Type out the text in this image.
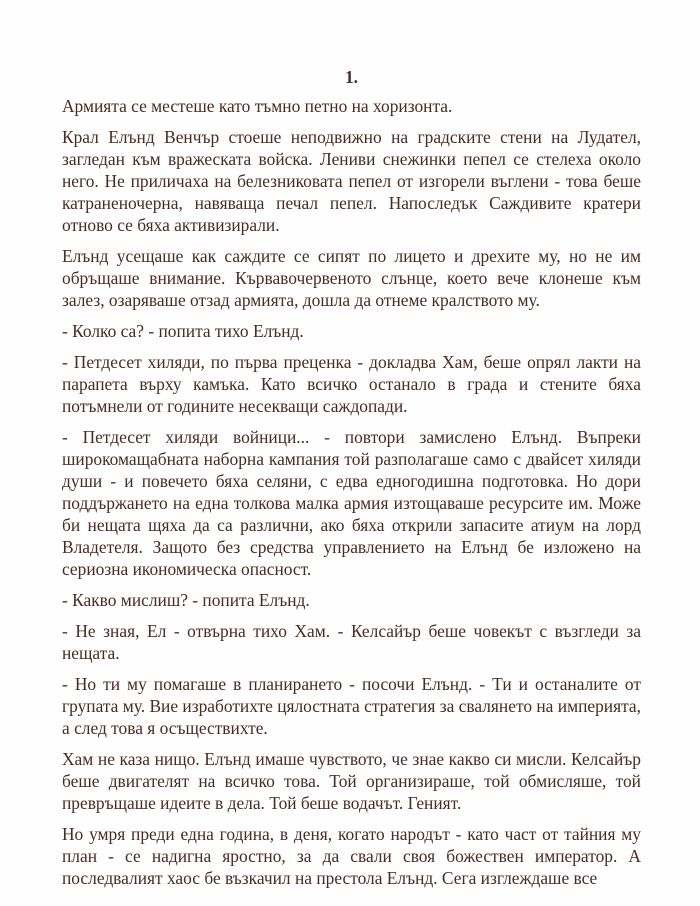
1.

Армията се местеше като тъмно петно на хоризонта.

Крал Елънд Венчър стоеше неподвижно на градските стени на Лудател, загледан към вражеската войска. Лениви снежинки пепел се стелеха около него. Не приличаха на белезниковата пепел от изгорели въглени - това беше катраненочерна, навяваща печал пепел. Напоследък Саждивите кратери отново се бяха активизирали.

Елънд усещаше как саждите се сипят по лицето и дрехите му, но не им обръщаше внимание. Кървавочервеното слънце, което вече клонеше към залез, озаряваше отзад армията, дошла да отнеме кралството му.

- Колко са? - попита тихо Елънд.

- Петдесет хиляди, по първа преценка - докладва Хам, беше опрял лакти на парапета върху камъка. Като всичко останало в града и стените бяха потъмнели от годините несекващи саждопади.

- Петдесет хиляди войници... - повтори замислено Елънд. Въпреки широкомащабната наборна кампания той разполагаше само с двайсет хиляди души - и повечето бяха селяни, с едва едногодишна подготовка. Но дори поддържането на една толкова малка армия изтощаваше ресурсите им. Може би нещата щяха да са различни, ако бяха открили запасите атиум на лорд Владетеля. Защото без средства управлението на Елънд бе изложено на сериозна икономическа опасност.

- Какво мислиш? - попита Елънд.

- Не зная, Ел - отвърна тихо Хам. - Келсайър беше човекът с възгледи за нещата.

- Но ти му помагаше в планирането - посочи Елънд. - Ти и останалите от групата му. Вие изработихте цялостната стратегия за свалянето на империята, а след това я осъществихте.

Хам не каза нищо. Елънд имаше чувството, че знае какво си мисли. Келсайър беше двигателят на всичко това. Той организираше, той обмисляше, той превръщаше идеите в дела. Той беше водачът. Геният.

Но умря преди една година, в деня, когато народът - като част от тайния му план - се надигна яростно, за да свали своя божествен император. А последвалият хаос бе възкачил на престола Елънд. Сега изглеждаше все
